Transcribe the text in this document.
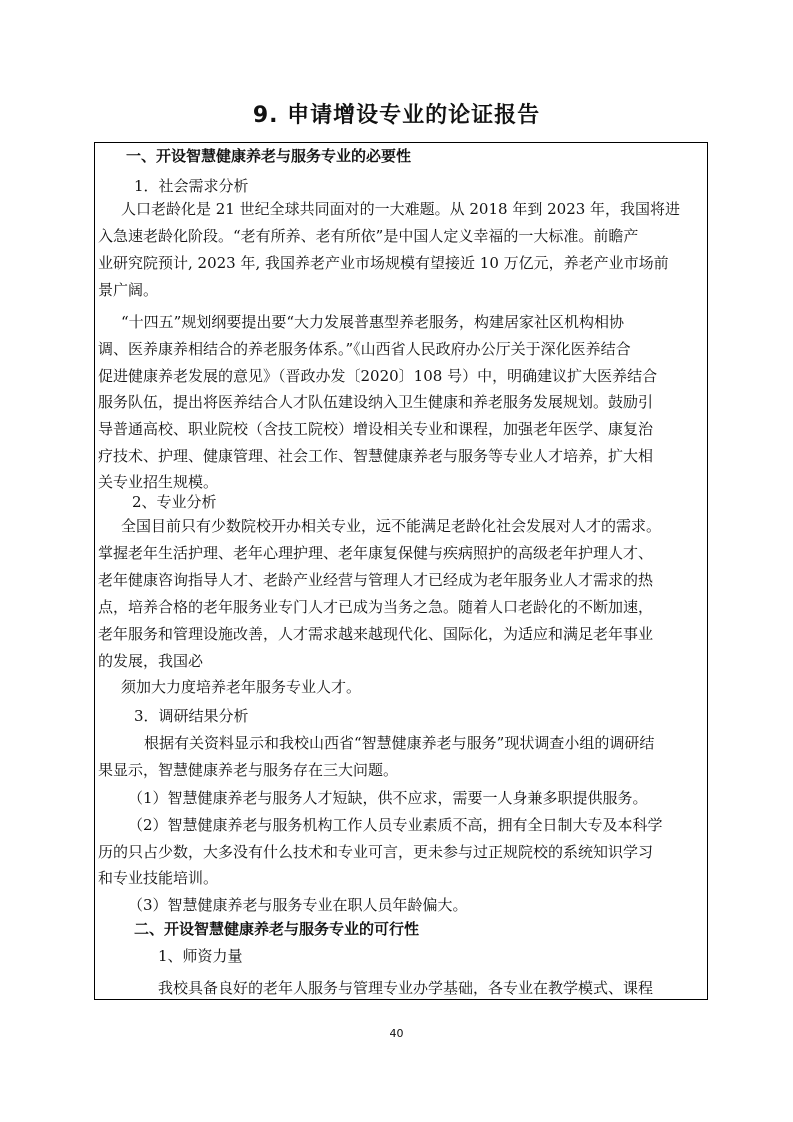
9. 申请增设专业的论证报告
一、开设智慧健康养老与服务专业的必要性
1．社会需求分析
人口老龄化是 21 世纪全球共同面对的一大难题。从 2018 年到 2023 年，我国将进
入急速老龄化阶段。“老有所养、老有所依”是中国人定义幸福的一大标准。前瞻产
业研究院预计, 2023 年, 我国养老产业市场规模有望接近 10 万亿元，养老产业市场前
景广阔。
“十四五”规划纲要提出要“大力发展普惠型养老服务，构建居家社区机构相协
调、医养康养相结合的养老服务体系。”《山西省人民政府办公厅关于深化医养结合
促进健康养老发展的意见》（晋政办发〔2020〕108 号）中，明确建议扩大医养结合
服务队伍，提出将医养结合人才队伍建设纳入卫生健康和养老服务发展规划。鼓励引
导普通高校、职业院校（含技工院校）增设相关专业和课程，加强老年医学、康复治
疗技术、护理、健康管理、社会工作、智慧健康养老与服务等专业人才培养，扩大相
关专业招生规模。
2、专业分析
全国目前只有少数院校开办相关专业，远不能满足老龄化社会发展对人才的需求。
掌握老年生活护理、老年心理护理、老年康复保健与疾病照护的高级老年护理人才、
老年健康咨询指导人才、老龄产业经营与管理人才已经成为老年服务业人才需求的热
点，培养合格的老年服务业专门人才已成为当务之急。随着人口老龄化的不断加速，
老年服务和管理设施改善，人才需求越来越现代化、国际化，为适应和满足老年事业
的发展，我国必
须加大力度培养老年服务专业人才。
3．调研结果分析
根据有关资料显示和我校山西省“智慧健康养老与服务”现状调查小组的调研结
果显示，智慧健康养老与服务存在三大问题。
（1）智慧健康养老与服务人才短缺，供不应求，需要一人身兼多职提供服务。
（2）智慧健康养老与服务机构工作人员专业素质不高，拥有全日制大专及本科学
历的只占少数，大多没有什么技术和专业可言，更未参与过正规院校的系统知识学习
和专业技能培训。
（3）智慧健康养老与服务专业在职人员年龄偏大。
二、开设智慧健康养老与服务专业的可行性
1、师资力量
我校具备良好的老年人服务与管理专业办学基础，各专业在教学模式、课程
40
